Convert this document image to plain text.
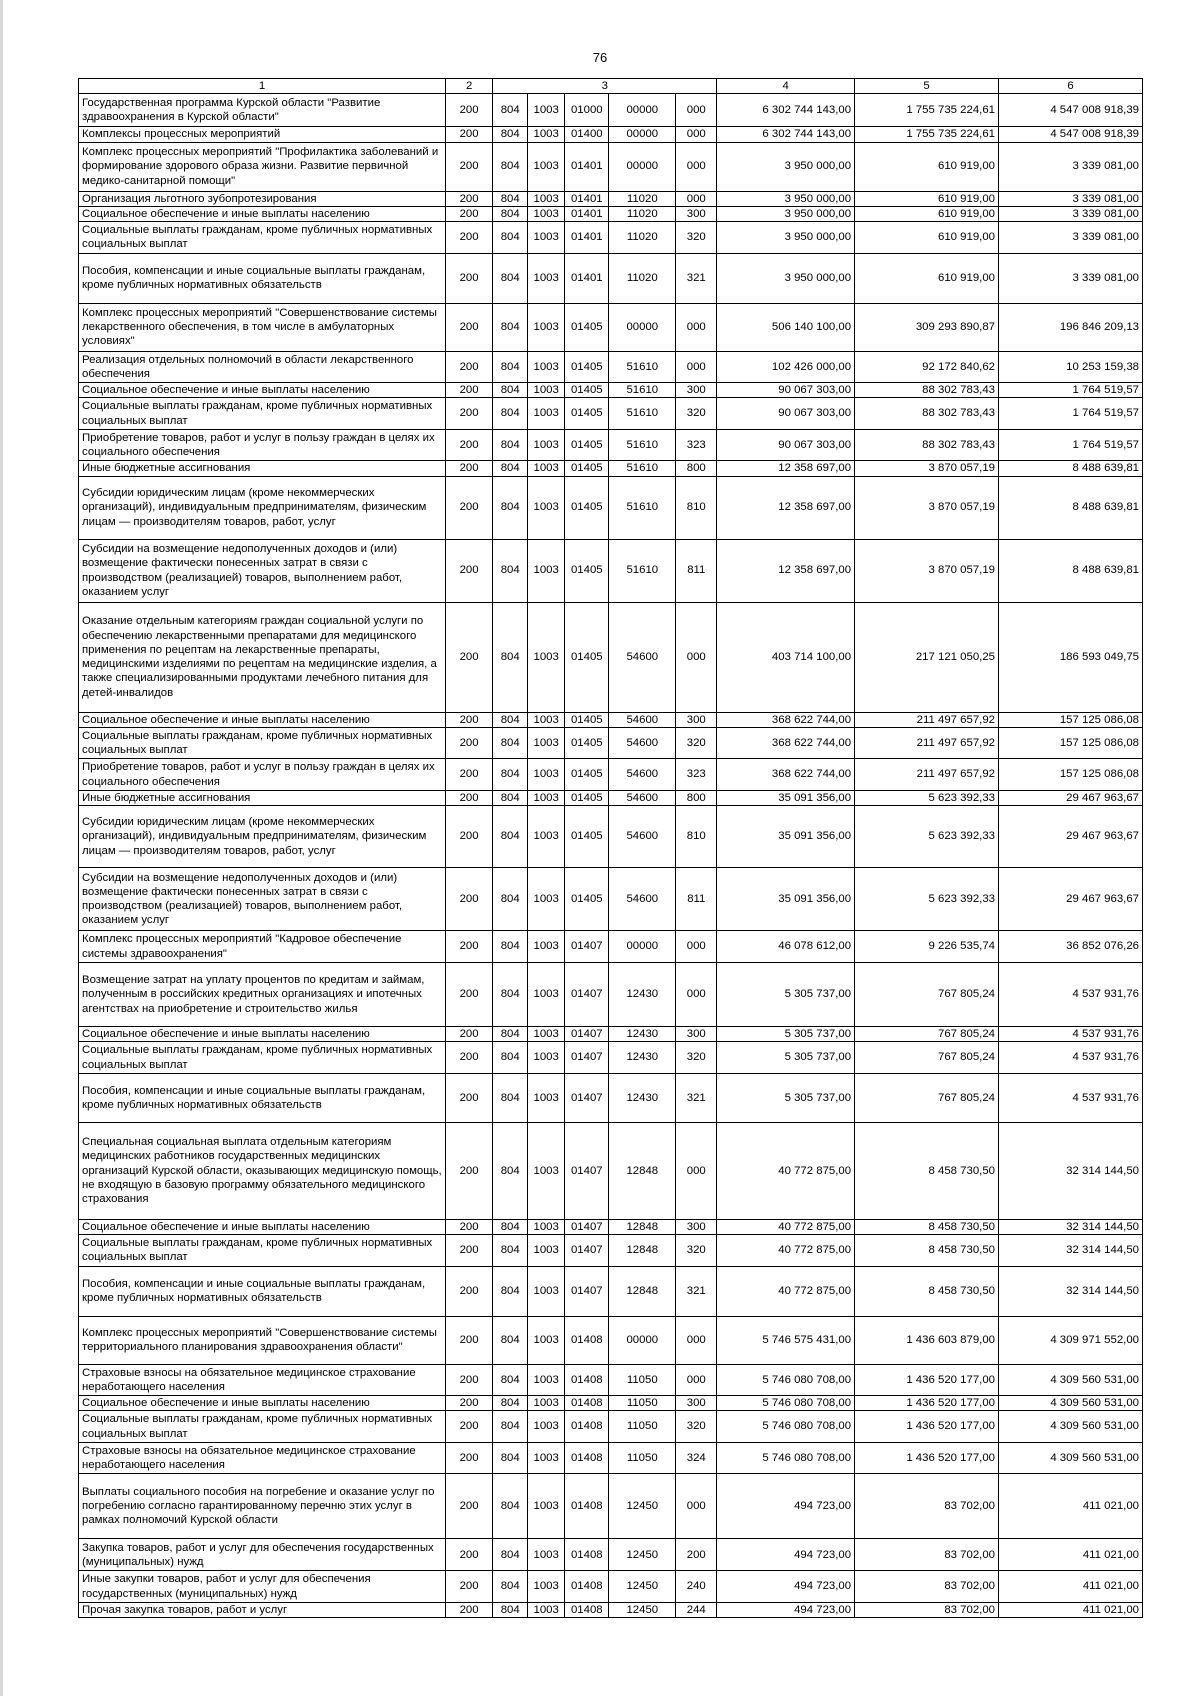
76
1	2	3					4	5	6
Государственная программа Курской области "Развитие здравоохранения в Курской области"	200	804	1003	01000	00000	000	6 302 744 143,00	1 755 735 224,61	4 547 008 918,39
Комплексы процессных мероприятий	200	804	1003	01400	00000	000	6 302 744 143,00	1 755 735 224,61	4 547 008 918,39
Комплекс процессных мероприятий "Профилактика заболеваний и формирование здорового образа жизни. Развитие первичной медико-санитарной помощи"	200	804	1003	01401	00000	000	3 950 000,00	610 919,00	3 339 081,00
Организация льготного зубопротезирования	200	804	1003	01401	11020	000	3 950 000,00	610 919,00	3 339 081,00
Социальное обеспечение и иные выплаты населению	200	804	1003	01401	11020	300	3 950 000,00	610 919,00	3 339 081,00
Социальные выплаты гражданам, кроме публичных нормативных социальных выплат	200	804	1003	01401	11020	320	3 950 000,00	610 919,00	3 339 081,00
Пособия, компенсации и иные социальные выплаты гражданам, кроме публичных нормативных обязательств	200	804	1003	01401	11020	321	3 950 000,00	610 919,00	3 339 081,00
Комплекс процессных мероприятий "Совершенствование системы лекарственного обеспечения, в том числе в амбулаторных условиях"	200	804	1003	01405	00000	000	506 140 100,00	309 293 890,87	196 846 209,13
Реализация отдельных полномочий в области лекарственного обеспечения	200	804	1003	01405	51610	000	102 426 000,00	92 172 840,62	10 253 159,38
Социальное обеспечение и иные выплаты населению	200	804	1003	01405	51610	300	90 067 303,00	88 302 783,43	1 764 519,57
Социальные выплаты гражданам, кроме публичных нормативных социальных выплат	200	804	1003	01405	51610	320	90 067 303,00	88 302 783,43	1 764 519,57
Приобретение товаров, работ и услуг в пользу граждан в целях их социального обеспечения	200	804	1003	01405	51610	323	90 067 303,00	88 302 783,43	1 764 519,57
Иные бюджетные ассигнования	200	804	1003	01405	51610	800	12 358 697,00	3 870 057,19	8 488 639,81
Субсидии юридическим лицам (кроме некоммерческих организаций), индивидуальным предпринимателям, физическим лицам — производителям товаров, работ, услуг	200	804	1003	01405	51610	810	12 358 697,00	3 870 057,19	8 488 639,81
Субсидии на возмещение недополученных доходов и (или) возмещение фактически понесенных затрат в связи с производством (реализацией) товаров, выполнением работ, оказанием услуг	200	804	1003	01405	51610	811	12 358 697,00	3 870 057,19	8 488 639,81
Оказание отдельным категориям граждан социальной услуги по обеспечению лекарственными препаратами для медицинского применения по рецептам на лекарственные препараты, медицинскими изделиями по рецептам на медицинские изделия, а также специализированными продуктами лечебного питания для детей-инвалидов	200	804	1003	01405	54600	000	403 714 100,00	217 121 050,25	186 593 049,75
Социальное обеспечение и иные выплаты населению	200	804	1003	01405	54600	300	368 622 744,00	211 497 657,92	157 125 086,08
Социальные выплаты гражданам, кроме публичных нормативных социальных выплат	200	804	1003	01405	54600	320	368 622 744,00	211 497 657,92	157 125 086,08
Приобретение товаров, работ и услуг в пользу граждан в целях их социального обеспечения	200	804	1003	01405	54600	323	368 622 744,00	211 497 657,92	157 125 086,08
Иные бюджетные ассигнования	200	804	1003	01405	54600	800	35 091 356,00	5 623 392,33	29 467 963,67
Субсидии юридическим лицам (кроме некоммерческих организаций), индивидуальным предпринимателям, физическим лицам — производителям товаров, работ, услуг	200	804	1003	01405	54600	810	35 091 356,00	5 623 392,33	29 467 963,67
Субсидии на возмещение недополученных доходов и (или) возмещение фактически понесенных затрат в связи с производством (реализацией) товаров, выполнением работ, оказанием услуг	200	804	1003	01405	54600	811	35 091 356,00	5 623 392,33	29 467 963,67
Комплекс процессных мероприятий "Кадровое обеспечение системы здравоохранения"	200	804	1003	01407	00000	000	46 078 612,00	9 226 535,74	36 852 076,26
Возмещение затрат на уплату процентов по кредитам и займам, полученным в российских кредитных организациях и ипотечных агентствах на приобретение и строительство жилья	200	804	1003	01407	12430	000	5 305 737,00	767 805,24	4 537 931,76
Социальное обеспечение и иные выплаты населению	200	804	1003	01407	12430	300	5 305 737,00	767 805,24	4 537 931,76
Социальные выплаты гражданам, кроме публичных нормативных социальных выплат	200	804	1003	01407	12430	320	5 305 737,00	767 805,24	4 537 931,76
Пособия, компенсации и иные социальные выплаты гражданам, кроме публичных нормативных обязательств	200	804	1003	01407	12430	321	5 305 737,00	767 805,24	4 537 931,76
Специальная социальная выплата отдельным категориям медицинских работников государственных медицинских организаций Курской области, оказывающих медицинскую помощь, не входящую в базовую программу обязательного медицинского страхования	200	804	1003	01407	12848	000	40 772 875,00	8 458 730,50	32 314 144,50
Социальное обеспечение и иные выплаты населению	200	804	1003	01407	12848	300	40 772 875,00	8 458 730,50	32 314 144,50
Социальные выплаты гражданам, кроме публичных нормативных социальных выплат	200	804	1003	01407	12848	320	40 772 875,00	8 458 730,50	32 314 144,50
Пособия, компенсации и иные социальные выплаты гражданам, кроме публичных нормативных обязательств	200	804	1003	01407	12848	321	40 772 875,00	8 458 730,50	32 314 144,50
Комплекс процессных мероприятий "Совершенствование системы территориального планирования здравоохранения области"	200	804	1003	01408	00000	000	5 746 575 431,00	1 436 603 879,00	4 309 971 552,00
Страховые взносы на обязательное медицинское страхование неработающего населения	200	804	1003	01408	11050	000	5 746 080 708,00	1 436 520 177,00	4 309 560 531,00
Социальное обеспечение и иные выплаты населению	200	804	1003	01408	11050	300	5 746 080 708,00	1 436 520 177,00	4 309 560 531,00
Социальные выплаты гражданам, кроме публичных нормативных социальных выплат	200	804	1003	01408	11050	320	5 746 080 708,00	1 436 520 177,00	4 309 560 531,00
Страховые взносы на обязательное медицинское страхование неработающего населения	200	804	1003	01408	11050	324	5 746 080 708,00	1 436 520 177,00	4 309 560 531,00
Выплаты социального пособия на погребение и оказание услуг по погребению согласно гарантированному перечню этих услуг в рамках полномочий Курской области	200	804	1003	01408	12450	000	494 723,00	83 702,00	411 021,00
Закупка товаров, работ и услуг для обеспечения государственных (муниципальных) нужд	200	804	1003	01408	12450	200	494 723,00	83 702,00	411 021,00
Иные закупки товаров, работ и услуг для обеспечения государственных (муниципальных) нужд	200	804	1003	01408	12450	240	494 723,00	83 702,00	411 021,00
Прочая закупка товаров, работ и услуг	200	804	1003	01408	12450	244	494 723,00	83 702,00	411 021,00
